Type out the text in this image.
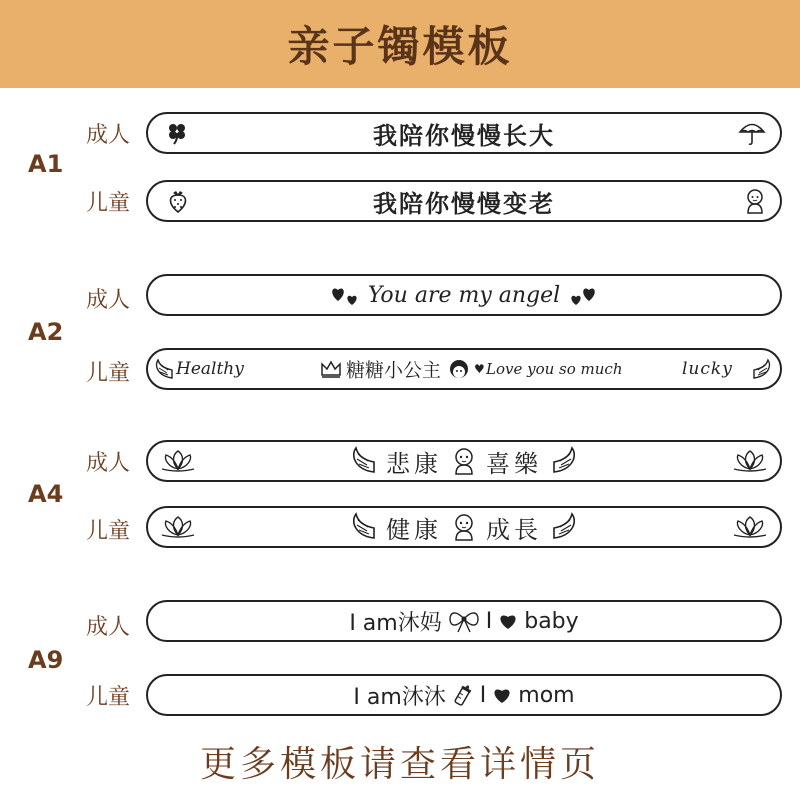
亲子镯模板
A1
成人	我陪你慢慢长大
儿童	我陪你慢慢变老
A2
成人	You are my angel
儿童	Healthy	糖糖小公主	♥ Love you so much	lucky
A4
成人	悲康 喜樂
儿童	健康 成長
A9
成人	I am沐妈 I baby
儿童	I am沐沐 I mom
更多模板请查看详情页
